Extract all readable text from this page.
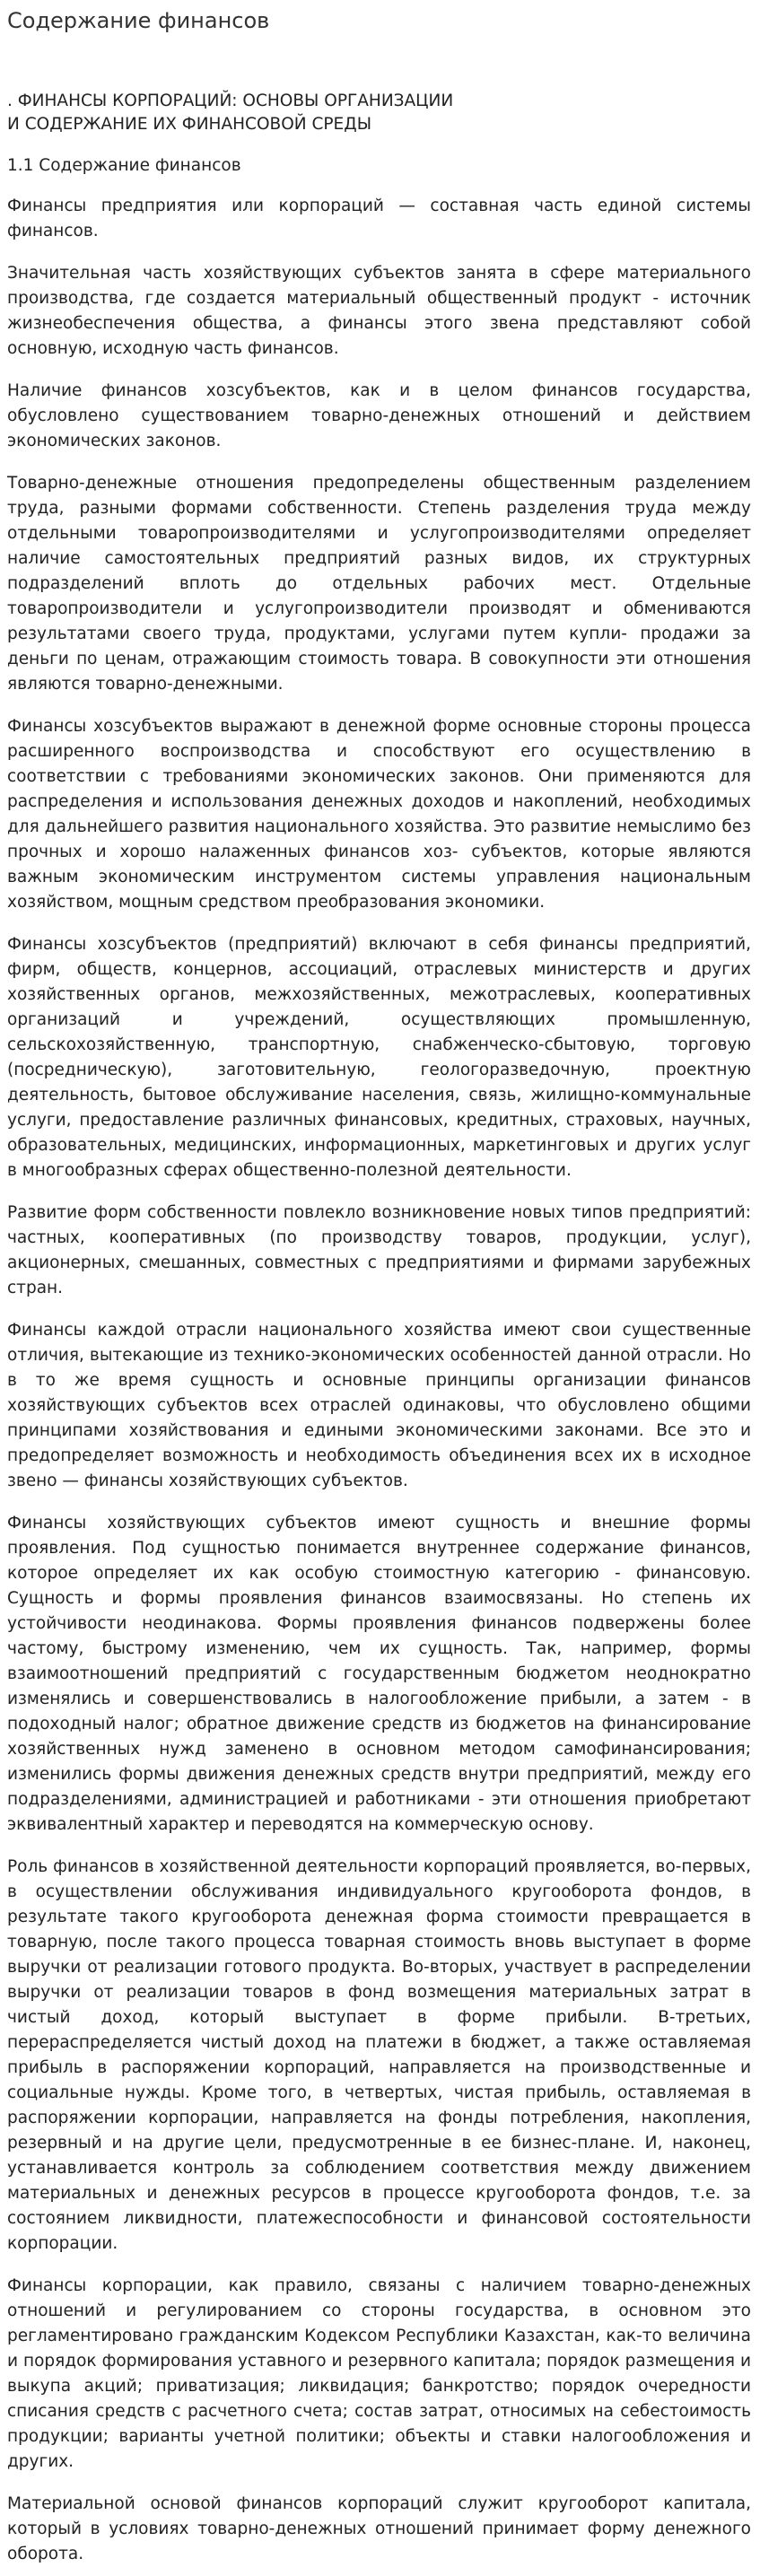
Содержание финансов
. ФИНАНСЫ КОРПОРАЦИЙ: ОСНОВЫ ОРГАНИЗАЦИИ
И СОДЕРЖАНИЕ ИХ ФИНАНСОВОЙ СРЕДЫ
1.1 Содержание финансов

Финансы предприятия или корпораций — составная часть единой системы финансов.

Значительная часть хозяйствующих субъектов занята в сфере материального производства, где создается материальный общественный продукт - источник жизнеобеспечения общества, а финансы этого звена представляют собой основную, исходную часть финансов.

Наличие финансов хозсубъектов, как и в целом финансов государства, обусловлено существованием товарно-денежных отношений и действием экономических законов.

Товарно-денежные отношения предопределены общественным разделением труда, разными формами собственности. Степень разделения труда между отдельными товаропроизводителями и услугопроизводителями определяет наличие самостоятельных предприятий разных видов, их структурных подразделений вплоть до отдельных рабочих мест. Отдельные товаропроизводители и услугопроизводители производят и обмениваются результатами своего труда, продуктами, услугами путем купли- продажи за деньги по ценам, отражающим стоимость товара. В совокупности эти отношения являются товарно-денежными.

Финансы хозсубъектов выражают в денежной форме основные стороны процесса расширенного воспроизводства и способствуют его осуществлению в соответствии с требованиями экономических законов. Они применяются для распределения и использования денежных доходов и накоплений, необходимых для дальнейшего развития национального хозяйства. Это развитие немыслимо без прочных и хорошо налаженных финансов хоз- субъектов, которые являются важным экономическим инструментом системы управления национальным хозяйством, мощным средством преобразования экономики.

Финансы хозсубъектов (предприятий) включают в себя финансы предприятий, фирм, обществ, концернов, ассоциаций, отраслевых министерств и других хозяйственных органов, межхозяйственных, межотраслевых, кооперативных организаций и учреждений, осуществляющих промышленную, сельскохозяйственную, транспортную, снабженческо-сбытовую, торговую (посредническую), заготовительную, геологоразведочную, проектную деятельность, бытовое обслуживание населения, связь, жилищно-коммунальные услуги, предоставление различных финансовых, кредитных, страховых, научных, образовательных, медицинских, информационных, маркетинговых и других услуг в многообразных сферах общественно-полезной деятельности.

Развитие форм собственности повлекло возникновение новых типов предприятий: частных, кооперативных (по производству товаров, продукции, услуг), акционерных, смешанных, совместных с предприятиями и фирмами зарубежных стран.

Финансы каждой отрасли национального хозяйства имеют свои существенные отличия, вытекающие из технико-экономических особенностей данной отрасли. Но в то же время сущность и основные принципы организации финансов хозяйствующих субъектов всех отраслей одинаковы, что обусловлено общими принципами хозяйствования и едиными экономическими законами. Все это и предопределяет возможность и необходимость объединения всех их в исходное звено — финансы хозяйствующих субъектов.

Финансы хозяйствующих субъектов имеют сущность и внешние формы проявления. Под сущностью понимается внутреннее содержание финансов, которое определяет их как особую стоимостную категорию - финансовую. Сущность и формы проявления финансов взаимосвязаны. Но степень их устойчивости неодинакова. Формы проявления финансов подвержены более частому, быстрому изменению, чем их сущность. Так, например, формы взаимоотношений предприятий с государственным бюджетом неоднократно изменялись и совершенствовались в налогообложение прибыли, а затем - в подоходный налог; обратное движение средств из бюджетов на финансирование хозяйственных нужд заменено в основном методом самофинансирования; изменились формы движения денежных средств внутри предприятий, между его подразделениями, администрацией и работниками - эти отношения приобретают эквивалентный характер и переводятся на коммерческую основу.

Роль финансов в хозяйственной деятельности корпораций проявляется, во-первых, в осуществлении обслуживания индивидуального кругооборота фондов, в результате такого кругооборота денежная форма стоимости превращается в товарную, после такого процесса товарная стоимость вновь выступает в форме выручки от реализации готового продукта. Во-вторых, участвует в распределении выручки от реализации товаров в фонд возмещения материальных затрат в чистый доход, который выступает в форме прибыли. В-третьих, перераспределяется чистый доход на платежи в бюджет, а также оставляемая прибыль в распоряжении корпораций, направляется на производственные и социальные нужды. Кроме того, в четвертых, чистая прибыль, оставляемая в распоряжении корпорации, направляется на фонды потребления, накопления, резервный и на другие цели, предусмотренные в ее бизнес-плане. И, наконец, устанавливается контроль за соблюдением соответствия между движением материальных и денежных ресурсов в процессе кругооборота фондов, т.е. за состоянием ликвидности, платежеспособности и финансовой состоятельности корпорации.

Финансы корпорации, как правило, связаны с наличием товарно-денежных отношений и регулированием со стороны государства, в основном это регламентировано гражданским Кодексом Республики Казахстан, как-то величина и порядок формирования уставного и резервного капитала; порядок размещения и выкупа акций; приватизация; ликвидация; банкротство; порядок очередности списания средств с расчетного счета; состав затрат, относимых на себестоимость продукции; варианты учетной политики; объекты и ставки налогообложения и других.

Материальной основой финансов корпораций служит кругооборот капитала, который в условиях товарно-денежных отношений принимает форму денежного оборота.
